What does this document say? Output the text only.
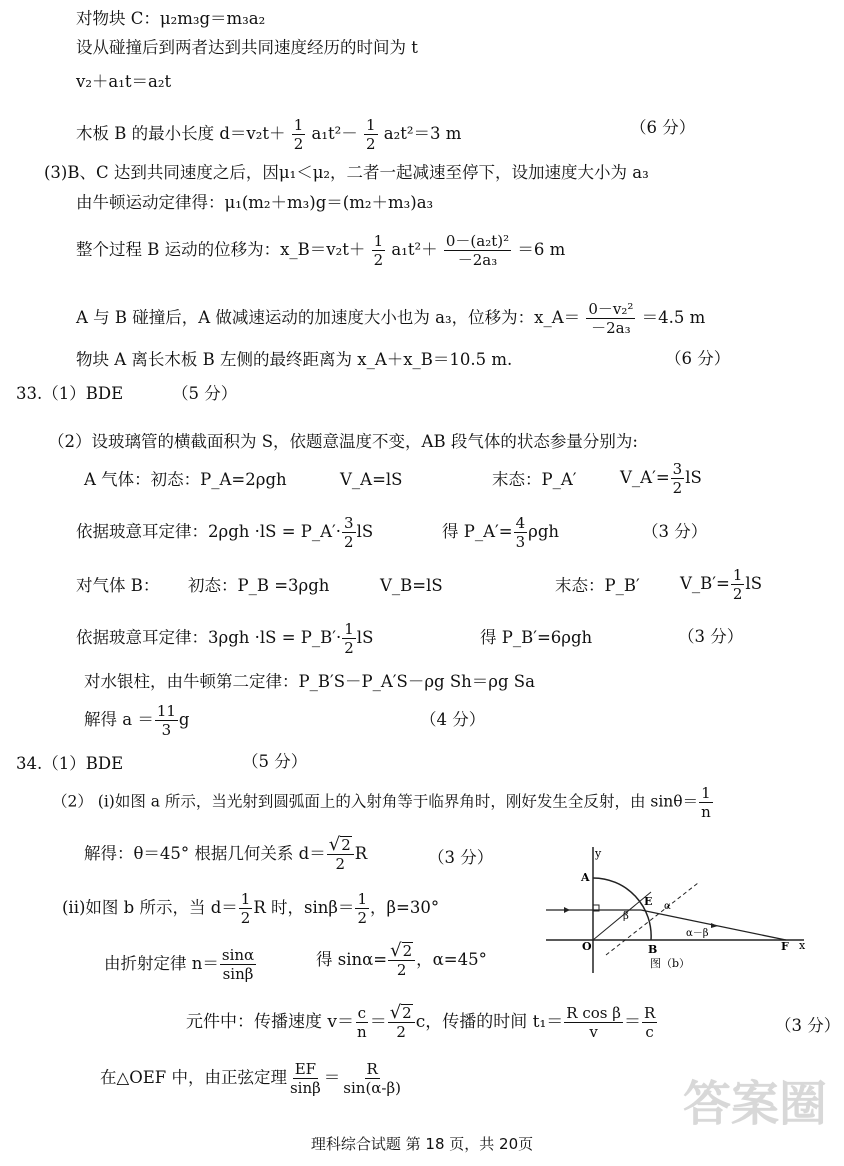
对物块 C：μ₂m₃g＝m₃a₂
设从碰撞后到两者达到共同速度经历的时间为 t
v₂＋a₁t＝a₂t
木板 B 的最小长度 $d=v_2t+ \frac{1}{2} a_1t^2- \frac{1}{2} a_2t^2=3$ m	（6 分）
(3)B、C 达到共同速度之后，因μ₁＜μ₂，二者一起减速至停下，设加速度大小为 a₃
由牛顿运动定律得：μ₁(m₂＋m₃)g＝(m₂＋m₃)a₃
整个过程 B 运动的位移为：x_B＝v₂t＋ $\frac{1}{2} a_1t^2+ \frac{\text{0－(a₂t)²}}{\text{－2a₃}} =6$ m
A 与 B 碰撞后，A 做减速运动的加速度大小也为 a₃，位移为：x_A＝ $\frac{\text{0－v₂²}}{\text{－2a₃}} =4.5$ m
物块 A 离长木板 B 左侧的最终距离为 x_A＋x_B＝10.5 m.	（6 分）
33.（1）BDE	（5 分）
（2）设玻璃管的横截面积为 S，依题意温度不变，AB 段气体的状态参量分别为:
A 气体：初态：P_A=2ρgh	V_A=lS	末态：P_A′	V_A′= $\frac{3}{2}$ lS
依据玻意耳定律：2ρgh ·lS = P_A′· $\frac{3}{2}$ lS	得 P_A′= $\frac{4}{3}$ ρgh	（3 分）
对气体 B： 初态：P_B =3ρgh	V_B=lS	末态：P_B′ V_B′= $\frac{1}{2}$ lS
依据玻意耳定律：3ρgh ·lS = P_B′· $\frac{1}{2}$ lS	得 P_B′=6ρgh	（3 分）
对水银柱，由牛顿第二定律：P_B′S－P_A′S－ρg Sh＝ρg Sa
解得 $a = \frac{11}{3}$ g	（4 分）
34.（1）BDE	（5 分）
（2） (i)如图 a 所示，当光射到圆弧面上的入射角等于临界角时，刚好发生全反射，由 $\sin\theta= \frac{1}{n}$
解得：θ＝45° 根据几何关系 $d= \frac{√ 2}{2}$ R	（3 分）
(ii)如图 b 所示，当 $d= \frac{1}{2}$ R 时，$\sin\beta= \frac{1}{2}$ ，β=30°
由折射定律 $n= \frac{\sin\alpha}{\sin\beta}$	得 $\sin\alpha= \frac{√ 2}{2}$ ，α=45°
元件中：传播速度 $v= \frac{c}{n} = \frac{√ 2}{2}$ c，传播的时间 $t_1= \frac{\text{R cos β}}{v} = \frac{R}{c}$	（3 分）
在△OEF 中，由正弦定理 $\frac{EF}{\sin\beta} = \frac{R}{\sin(\alpha-\beta)}$
y
x
A
O	B
E
F
α
β
α－β
图（b）
答案圈
理科综合试题 第 18 页，共 20页
